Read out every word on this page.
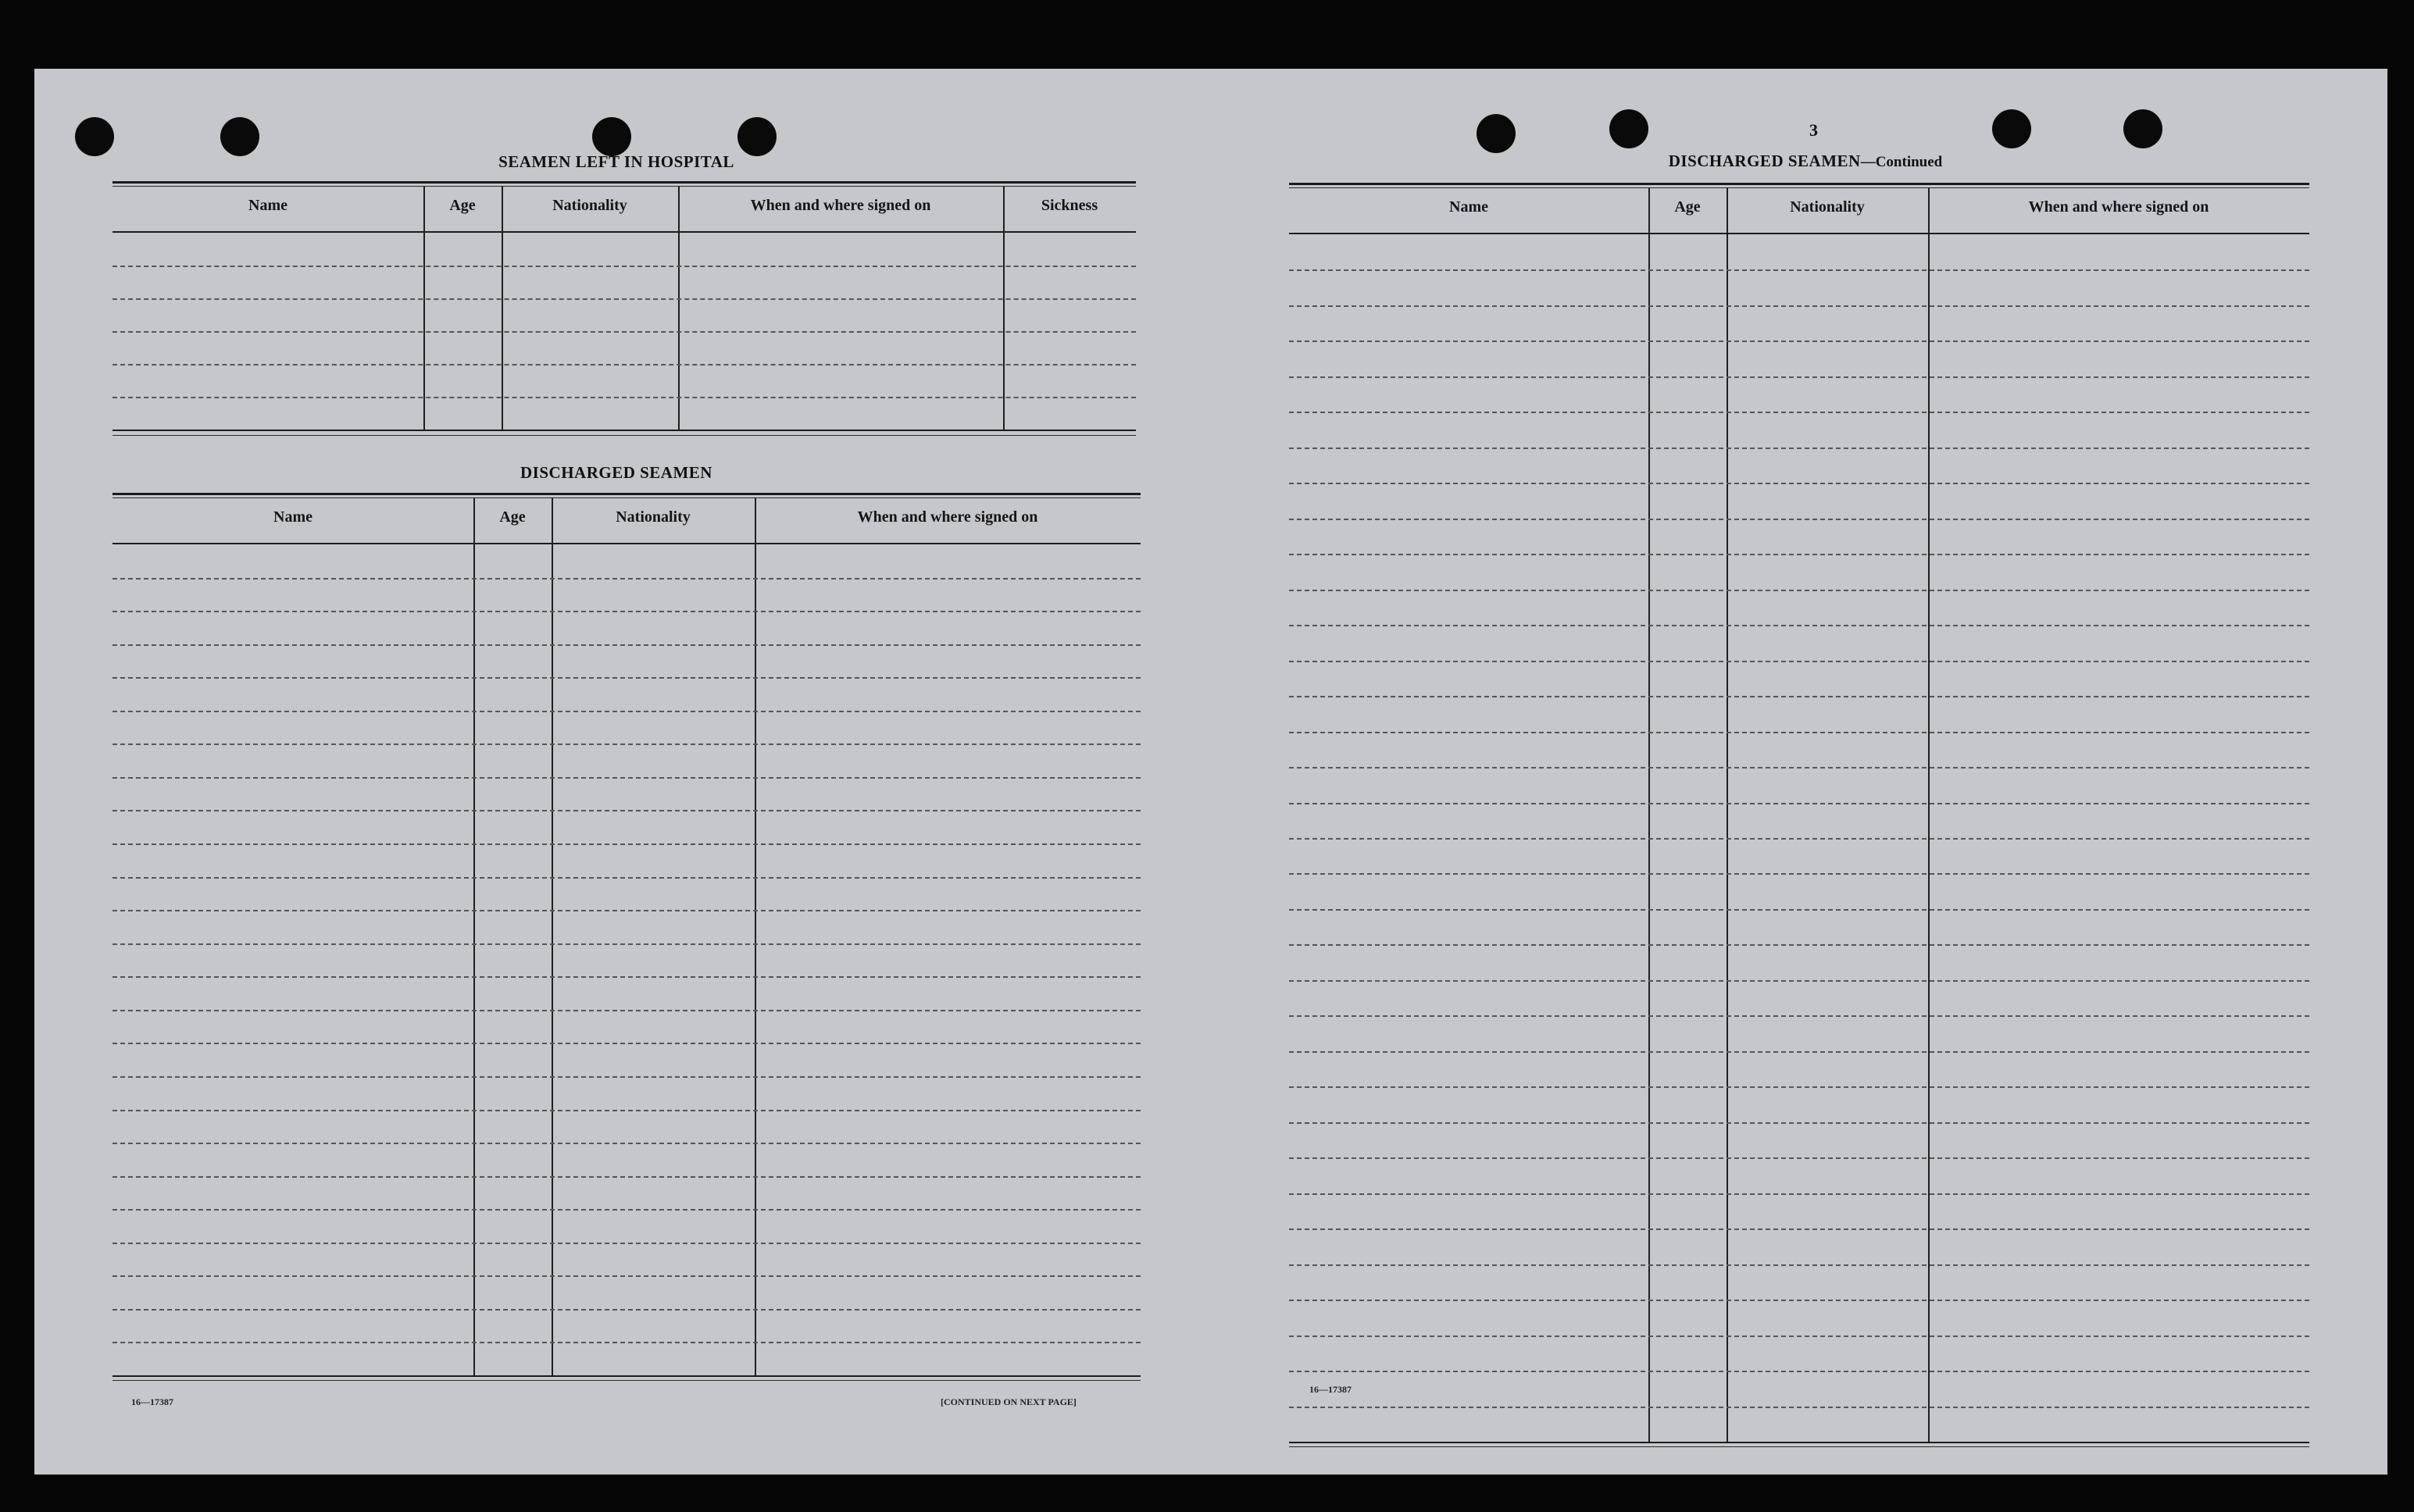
SEAMEN LEFT IN HOSPITAL
Name	Age	Nationality	When and where signed on	Sickness
DISCHARGED SEAMEN
Name	Age	Nationality	When and where signed on
16—17387	[CONTINUED ON NEXT PAGE]
3
DISCHARGED SEAMEN—Continued
Name	Age	Nationality	When and where signed on
16—17387
